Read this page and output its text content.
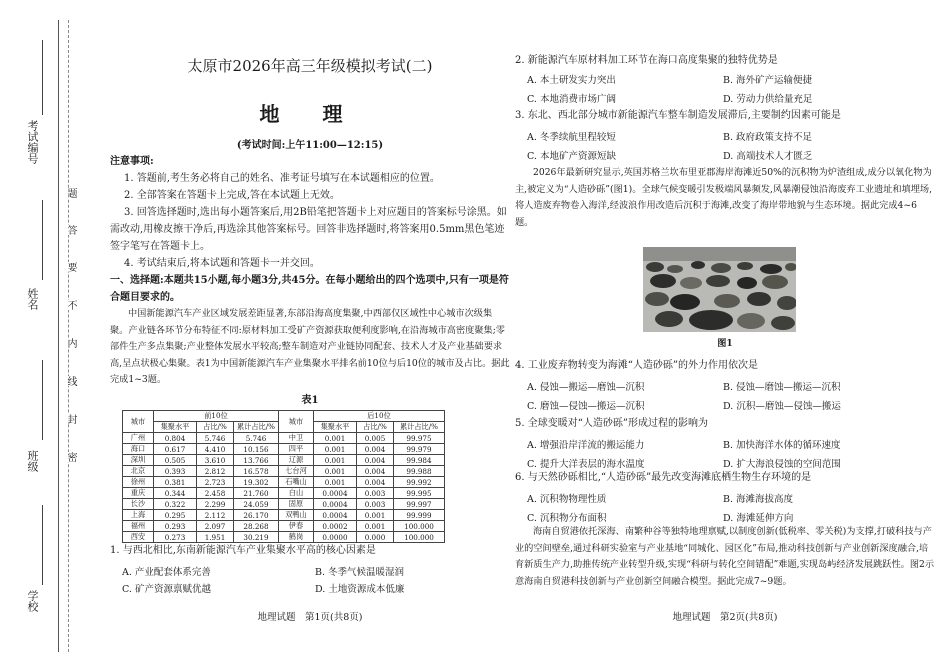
考试编号
姓名
班级
学校
题
答
要
不
内
线
封
密
太原市2026年高三年级模拟考试(二)
地 理
(考试时间:上午11:00—12:15)
注意事项:
1. 答题前,考生务必将自己的姓名、准考证号填写在本试题相应的位置。
2. 全部答案在答题卡上完成,答在本试题上无效。
3. 回答选择题时,选出每小题答案后,用2B铅笔把答题卡上对应题目的答案标号涂黑。如需改动,用橡皮擦干净后,再选涂其他答案标号。回答非选择题时,将答案用0.5mm黑色笔迹签字笔写在答题卡上。
4. 考试结束后,将本试题和答题卡一并交回。
一、选择题:本题共15小题,每小题3分,共45分。在每小题给出的四个选项中,只有一项是符合题目要求的。
中国新能源汽车产业区域发展差距显著,东部沿海高度集聚,中西部仅区域性中心城市次级集聚。产业链各环节分布特征不同:原材料加工受矿产资源获取便利度影响,在沿海城市高密度聚集;零部件生产多点集聚;产业整体发展水平较高;整车制造对产业链协同配套、技术人才及产业基础要求高,呈点状极心集聚。表1为中国新能源汽车产业集聚水平排名前10位与后10位的城市及占比。据此完成1~3题。
表1
城市	前10位			城市	后10位		
	集聚水平	占比/%	累计占比/%		集聚水平	占比/%	累计占比/%
广州	0.804	5.746	5.746	中卫	0.001	0.005	99.975
海口	0.617	4.410	10.156	四平	0.001	0.004	99.979
深圳	0.505	3.610	13.766	辽源	0.001	0.004	99.984
北京	0.393	2.812	16.578	七台河	0.001	0.004	99.988
徐州	0.381	2.723	19.302	石嘴山	0.001	0.004	99.992
重庆	0.344	2.458	21.760	白山	0.0004	0.003	99.995
长沙	0.322	2.299	24.059	固原	0.0004	0.003	99.997
上海	0.295	2.112	26.170	双鸭山	0.0004	0.001	99.999
福州	0.293	2.097	28.268	伊春	0.0002	0.001	100.000
西安	0.273	1.951	30.219	鹤岗	0.0000	0.000	100.000
1. 与西北相比,东南新能源汽车产业集聚水平高的核心因素是
A. 产业配套体系完善	B. 冬季气候温暖湿润
C. 矿产资源禀赋优越	D. 土地资源成本低廉
地理试题　第1页(共8页)
2. 新能源汽车原材料加工环节在海口高度集聚的独特优势是
A. 本土研发实力突出	B. 海外矿产运输便捷
C. 本地消费市场广阔	D. 劳动力供给量充足
3. 东北、西北部分城市新能源汽车整车制造发展滞后,主要制约因素可能是
A. 冬季续航里程较短	B. 政府政策支持不足
C. 本地矿产资源短缺	D. 高端技术人才匮乏
2026年最新研究显示,英国苏格兰坎布里亚郡海岸海滩近50%的沉积物为炉渣组成,成分以氧化物为主,被定义为“人造砂砾”(图1)。全球气候变暖引发极端风暴频发,风暴潮侵蚀沿海废弃工业遗址和填埋场,将人造废弃物卷入海洋,经波浪作用改造后沉积于海滩,改变了海岸带地貌与生态环境。据此完成4~6题。
图1
4. 工业废弃物转变为海滩“人造砂砾”的外力作用依次是
A. 侵蚀—搬运—磨蚀—沉积	B. 侵蚀—磨蚀—搬运—沉积
C. 磨蚀—侵蚀—搬运—沉积	D. 沉积—磨蚀—侵蚀—搬运
5. 全球变暖对“人造砂砾”形成过程的影响为
A. 增强沿岸洋流的搬运能力	B. 加快海洋水体的循环速度
C. 提升大洋表层的海水温度	D. 扩大海浪侵蚀的空间范围
6. 与天然砂砾相比,“人造砂砾”最先改变海滩底栖生物生存环境的是
A. 沉积物物理性质	B. 海滩海拔高度
C. 沉积物分布面积	D. 海滩延伸方向
海南自贸港依托深海、南繁种谷等独特地理禀赋,以制度创新(低税率、零关税)为支撑,打破科技与产业的空间壁垒,通过科研实验室与产业基地“同城化、园区化”布局,推动科技创新与产业创新深度融合,培育新质生产力,助推传统产业转型升级,实现“科研与转化空间错配”难题,实现岛屿经济发展跳跃性。图2示意海南自贸港科技创新与产业创新空间融合模型。据此完成7~9题。
地理试题　第2页(共8页)
